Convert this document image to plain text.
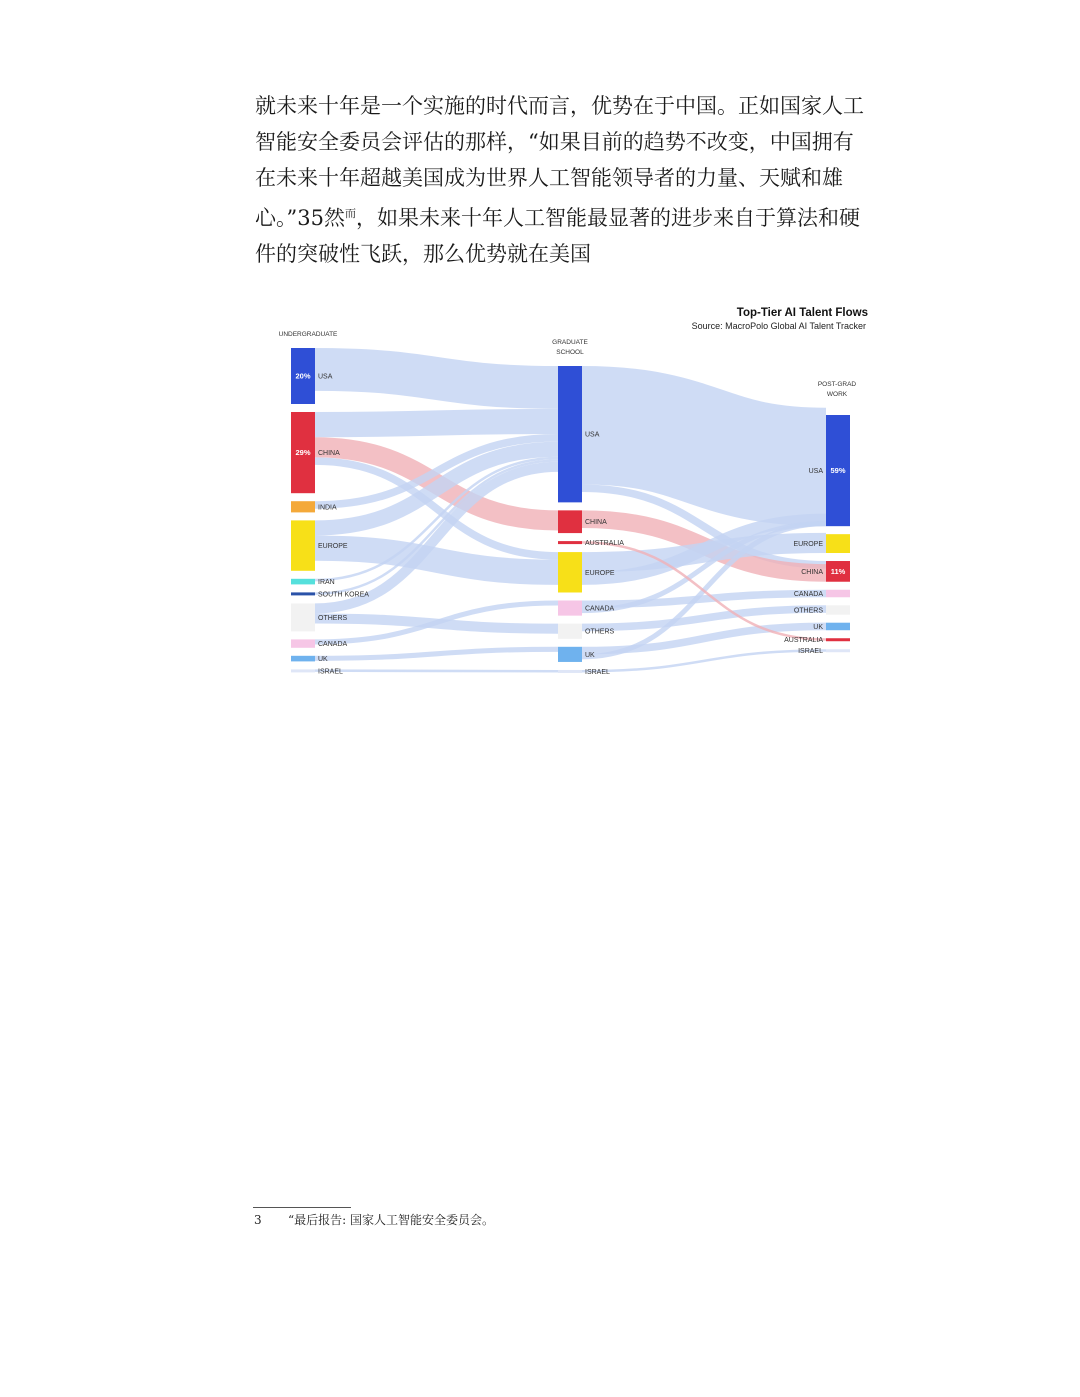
就未来十年是一个实施的时代而言，优势在于中国。正如国家人工
智能安全委员会评估的那样，“如果目前的趋势不改变，中国拥有
在未来十年超越美国成为世界人工智能领导者的力量、天赋和雄
心。”35然$^而$，如果未来十年人工智能最显著的进步来自于算法和硬
件的突破性飞跃，那么优势就在美国

UNDERGRADUATE
GRADUATE
SCHOOL
POST-GRAD
WORK
USA
20%
CHINA
29%
INDIA
EUROPE
IRAN
SOUTH KOREA
OTHERS
CANADA
UK
ISRAEL
USA
CHINA
AUSTRALIA
EUROPE
CANADA
OTHERS
UK
ISRAEL
USA 59%
EUROPE
CHINA 11%
CANADA
OTHERS
UK
AUSTRALIA
ISRAEL
Top-Tier AI Talent Flows
Source: MacroPolo Global AI Talent Tracker
3 “最后报告: 国家人工智能安全委员会。
